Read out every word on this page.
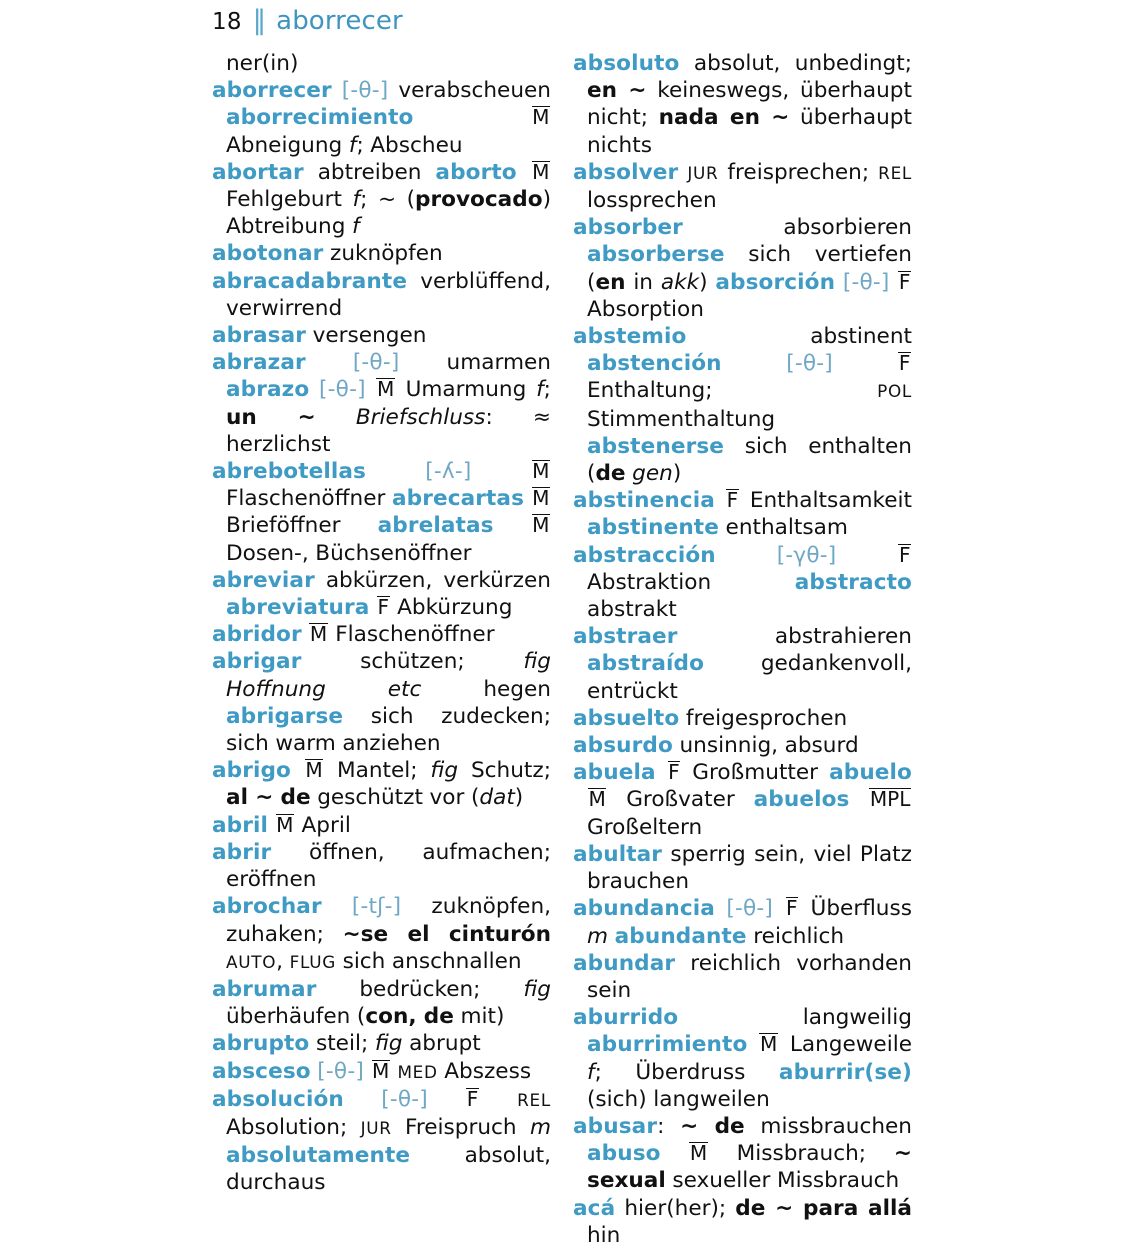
18 ‖ aborrecer

ner(in)

aborrecer [-θ-] verabscheuen aborrecimiento	M Abneigung f; Abscheu

abortar abtreiben aborto M Fehlgeburt f; ~ (provocado) Abtreibung f

abotonar zuknöpfen

abracadabrante verblüffend, verwirrend

abrasar versengen

abrazar [-θ-] umarmen abrazo [-θ-] M Umarmung f; un ~ Briefschluss: ≈ herzlichst

abrebotellas	[-ʎ-]	M Flaschenöffner abrecartas M Brieföffner abrelatas M Dosen-, Büchsenöffner

abreviar abkürzen, verkürzen abreviatura F Abkürzung

abridor M Flaschenöffner

abrigar	schützen;	fig Hoffnung etc	hegen abrigarse sich zudecken; sich warm anziehen

abrigo M Mantel; fig Schutz; al ~ de geschützt vor (dat)

abril M April

abrir öffnen, aufmachen; eröffnen

abrochar [-tʃ-] zuknöpfen, zuhaken; ~se el cinturón AUTO, FLUG sich anschnallen

abrumar bedrücken; fig überhäufen (con, de mit)

abrupto steil; fig abrupt

absceso [-θ-] M MED Abszess

absolución [-θ-] F REL Absolution; JUR Freispruch m absolutamente	absolut, durchaus

absoluto absolut, unbedingt; en ~ keineswegs, überhaupt nicht; nada en ~ überhaupt nichts

absolver JUR freisprechen; REL lossprechen

absorber	absorbieren absorberse sich vertiefen (en in akk) absorción [-θ-] F Absorption

abstemio	abstinent abstención	[-θ-]	F Enthaltung;	POL Stimmenthaltung abstenerse sich enthalten (de gen)

abstinencia F Enthaltsamkeit abstinente enthaltsam

abstracción	[-γθ-]	F Abstraktion	abstracto abstrakt

abstraer	abstrahieren abstraído	gedankenvoll, entrückt

absuelto freigesprochen

absurdo unsinnig, absurd

abuela F Großmutter abuelo M Großvater abuelos MPL Großeltern

abultar sperrig sein, viel Platz brauchen

abundancia [-θ-] F Überfluss m abundante reichlich

abundar reichlich vorhanden sein

aburrido	langweilig aburrimiento M Langeweile f; Überdruss aburrir(se) (sich) langweilen

abusar: ~ de missbrauchen abuso M Missbrauch; ~ sexual sexueller Missbrauch

acá hier(her); de ~ para allá hin
